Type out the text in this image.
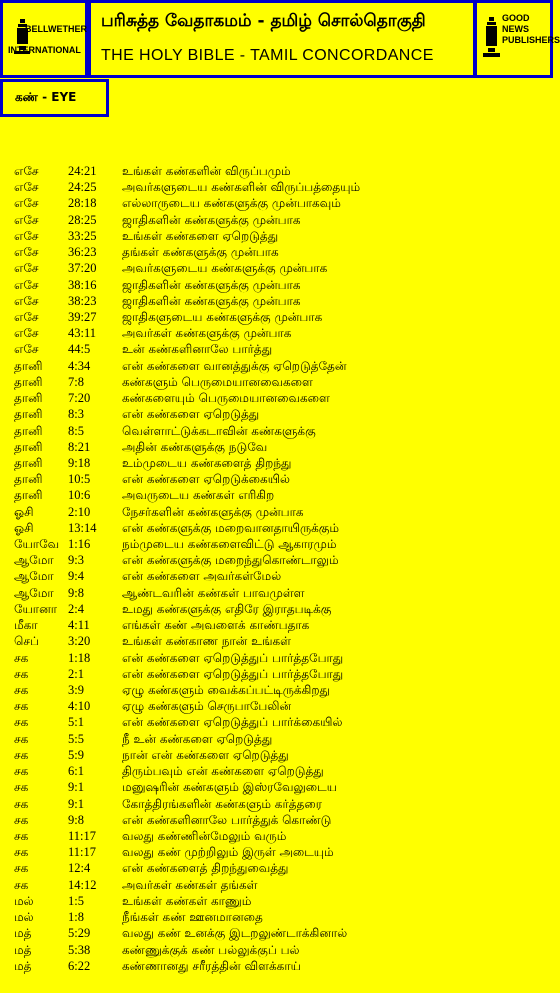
BELLWETHER
INTERNATIONAL
பரிசுத்த வேதாகமம் - தமிழ் சொல்தொகுதி
THE HOLY BIBLE - TAMIL CONCORDANCE
GOOD NEWS
PUBLISHERS
கண் - EYE
எசே 24:21 உங்கள் கண்களின் விருப்பமும்
எசே 24:25 அவர்களுடைய கண்களின் விருப்பத்தையும்
எசே 28:18 எல்லாருடைய கண்களுக்கு முன்பாகவும்
எசே 28:25 ஜாதிகளின் கண்களுக்கு முன்பாக
எசே 33:25 உங்கள் கண்களை ஏறெடுத்து
எசே 36:23 தங்கள் கண்களுக்கு முன்பாக
எசே 37:20 அவர்களுடைய கண்களுக்கு முன்பாக
எசே 38:16 ஜாதிகளின் கண்களுக்கு முன்பாக
எசே 38:23 ஜாதிகளின் கண்களுக்கு முன்பாக
எசே 39:27 ஜாதிகளுடைய கண்களுக்கு முன்பாக
எசே 43:11 அவர்கள் கண்களுக்கு முன்பாக
எசே 44:5	உன் கண்களினாலே பார்த்து
தானி 4:34	என் கண்களை வானத்துக்கு ஏறெடுத்தேன்
தானி 7:8	கண்களும் பெருமையானவைகளை
தானி 7:20	கண்களையும் பெருமையானவைகளை
தானி 8:3	என் கண்களை ஏறெடுத்து
தானி 8:5	வெள்ளாட்டுக்கடாவின் கண்களுக்கு
தானி 8:21	அதின் கண்களுக்கு நடுவே
தானி 9:18	உம்முடைய கண்களைத் திறந்து
தானி 10:5	என் கண்களை ஏறெடுக்கையில்
தானி 10:6	அவருடைய கண்கள் எரிகிற
ஓசி	2:10	நேசர்களின் கண்களுக்கு முன்பாக
ஓசி	13:14 என் கண்களுக்கு மறைவானதாயிருக்கும்
யோவே 1:16	நம்முடைய கண்களைவிட்டு ஆகாரமும்
ஆமோ 9:3	என் கண்களுக்கு மறைந்துகொண்டாலும்
ஆமோ 9:4	என் கண்களை அவர்கள்மேல்
ஆமோ 9:8	ஆண்டவரின் கண்கள் பாவமுள்ள
யோனா 2:4	உமது கண்களுக்கு எதிரே இராதபடிக்கு
மீகா 4:11	எங்கள் கண் அவளைக் காண்பதாக
செப் 3:20	உங்கள் கண்காண நான் உங்கள்
சக	1:18	என் கண்களை ஏறெடுத்துப் பார்த்தபோது
சக	2:1	என் கண்களை ஏறெடுத்துப் பார்த்தபோது
சக	3:9	ஏழு கண்களும் வைக்கப்பட்டிருக்கிறது
சக	4:10	ஏழு கண்களும் செருபாபேலின்
சக	5:1	என் கண்களை ஏறெடுத்துப் பார்க்கையில்
சக	5:5	நீ உன் கண்களை ஏறெடுத்து
சக	5:9	நான் என் கண்களை ஏறெடுத்து
சக	6:1	திரும்பவும் என் கண்களை ஏறெடுத்து
சக	9:1	மனுஷரின் கண்களும் இஸ்ரவேலுடைய
சக	9:1	கோத்திரங்களின் கண்களும் கர்த்தரை
சக	9:8	என் கண்களினாலே பார்த்துக் கொண்டு
சக	11:17 வலது கண்ணின்மேலும் வரும்
சக	11:17 வலது கண் முற்றிலும் இருள் அடையும்
சக	12:4	என் கண்களைத் திறந்துவைத்து
சக	14:12 அவர்கள் கண்கள் தங்கள்
மல்	1:5	உங்கள் கண்கள் காணும்
மல்	1:8	நீங்கள் கண் ஊனமானதை
மத்	5:29	வலது கண் உனக்கு இடறலுண்டாக்கினால்
மத்	5:38	கண்ணுக்குக் கண் பல்லுக்குப் பல்
மத்	6:22	கண்ணானது சரீரத்தின் விளக்காய்
